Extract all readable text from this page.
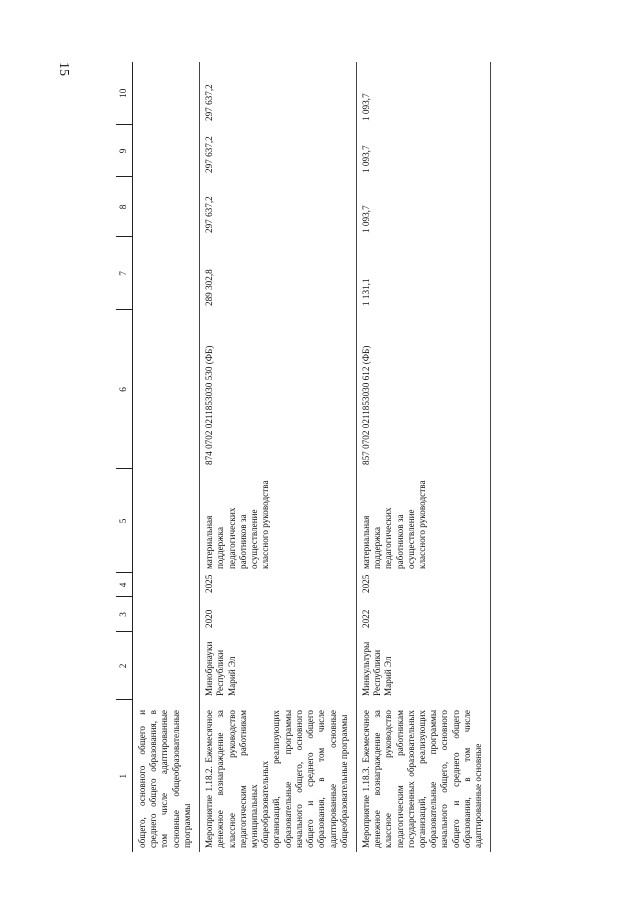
15
1	2	3	4	5	6	7	8	9	10
общего, основного общего и среднего общего образования, в том числе адаптированные основные общеобразовательные программы									
Мероприятие 1.18.2. Ежемесячное денежное вознаграждение за классное руководство педагогическим работникам муниципальных общеобразовательных организаций, реализующих образовательные программы начального общего, основного общего и среднего общего образования, в том числе адаптированные основные общеобразовательные программы	Минобрнауки Республики Марий Эл	2020	2025	материальная поддержка педагогических работников за осуществление классного руководства	874 0702 0211853030 530 (ФБ)	289 302,8	297 637,2	297 637,2	297 637,2
Мероприятие 1.18.3. Ежемесячное денежное вознаграждение за классное руководство педагогическим работникам государственных образовательных организаций, реализующих образовательные программы начального общего, основного общего и среднего общего образования, в том числе адаптированные основные	Минкультуры Республики Марий Эл	2022	2025	материальная поддержка педагогических работников за осуществление классного руководства	857 0702 0211853030 612 (ФБ)	1 131,1	1 093,7	1 093,7	1 093,7
